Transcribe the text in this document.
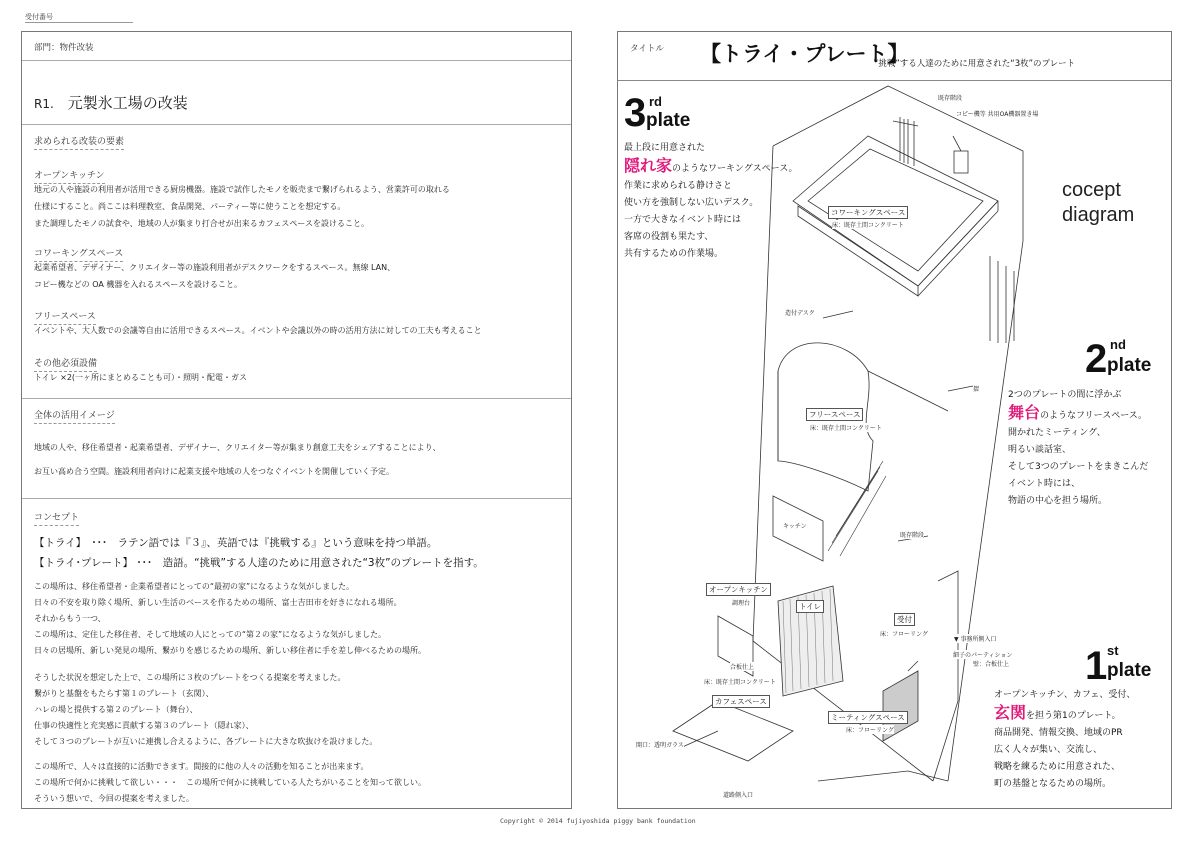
受付番号
部門：物件改装
R1. 元製氷工場の改装
求められる改装の要素
オープンキッチン
地元の人や施設の利用者が活用できる厨房機器。施設で試作したモノを販売まで繋げられるよう、営業許可の取れる
仕様にすること。尚ここは料理教室、食品開発、パーティー等に使うことを想定する。
また調理したモノの試食や、地域の人が集まり打合せが出来るカフェスペースを設けること。
コワーキングスペース
起業希望者、デザイナー、クリエイター等の施設利用者がデスクワークをするスペース。無線 LAN、
コピー機などの OA 機器を入れるスペースを設けること。
フリースペース
イベントや、大人数での会議等自由に活用できるスペース。イベントや会議以外の時の活用方法に対しての工夫も考えること
その他必須設備
トイレ ×2(一ヶ所にまとめることも可）・照明・配電・ガス
全体の活用イメージ
地域の人や、移住希望者・起業希望者、デザイナー、クリエイター等が集まり創意工夫をシェアすることにより、
お互い高め合う空間。施設利用者向けに起業支援や地域の人をつなぐイベントを開催していく予定。
コンセプト
【トライ】　･･･　ラテン語では『３』、英語では『挑戦する』という意味を持つ単語。
【トライ･プレート】 ･･･　造語。“挑戦”する人達のために用意された“3枚”のプレートを指す。
この場所は、移住希望者・企業希望者にとっての“最初の家”になるような気がしました。
日々の不安を取り除く場所、新しい生活のベースを作るための場所、富士吉田市を好きになれる場所。
それからもう一つ、
この場所は、定住した移住者、そして地域の人にとっての“第２の家”になるような気がしました。
日々の居場所、新しい発見の場所、繋がりを感じるための場所、新しい移住者に手を差し伸べるための場所。
そうした状況を想定した上で、この場所に３枚のプレートをつくる提案を考えました。
繋がりと基盤をもたらす第１のプレート（玄関）、
ハレの場と提供する第２のプレート（舞台）、
仕事の快適性と充実感に貢献する第３のプレート（隠れ家）、
そして３つのプレートが互いに連携し合えるように、各プレートに大きな吹抜けを設けました。
この場所で、人々は直接的に活動できます。間接的に他の人々の活動を知ることが出来ます。
この場所で何かに挑戦して欲しい・・・　この場所で何かに挑戦している人たちがいることを知って欲しい。
そういう想いで、今回の提案を考えました。
タイトル 【トライ・プレート】
“挑戦”する人達のために用意された“3枚”のプレート
既存階段
コピー機等 共用OA機器置き場
コワーキングスペース
床：既存土間コンクリート
造付デスク
摺
フリースペース
床：既存土間コンクリート
キッチン
既存階段
オープンキッチン
調理台	トイレ
受付
床：フローリング
▼ 事務所側入口
細子のパーティション
壁：合板仕上
合板仕上
床：既存土間コンクリート
カフェスペース
ミーティングスペース
床：フローリング
開口：透明ガラス
道路側入口
3 rd
plate
最上段に用意された
隠れ家のようなワーキングスペース。
作業に求められる静けさと
使い方を強制しない広いデスク。
一方で大きなイベント時には
客席の役割も果たす、
共有するための作業場。
cocept
diagram
2 nd
plate
2つのプレートの間に浮かぶ
舞台のようなフリースペース。
開かれたミーティング、
明るい談話室、
そして3つのプレートをまきこんだ
イベント時には、
物語の中心を担う場所。
1 st
plate
オープンキッチン、カフェ、受付、
玄関を担う第1のプレート。
商品開発、情報交換、地域のPR
広く人々が集い、交流し、
戦略を練るために用意された、
町の基盤となるための場所。
Copyright © 2014 fujiyoshida piggy bank foundation
